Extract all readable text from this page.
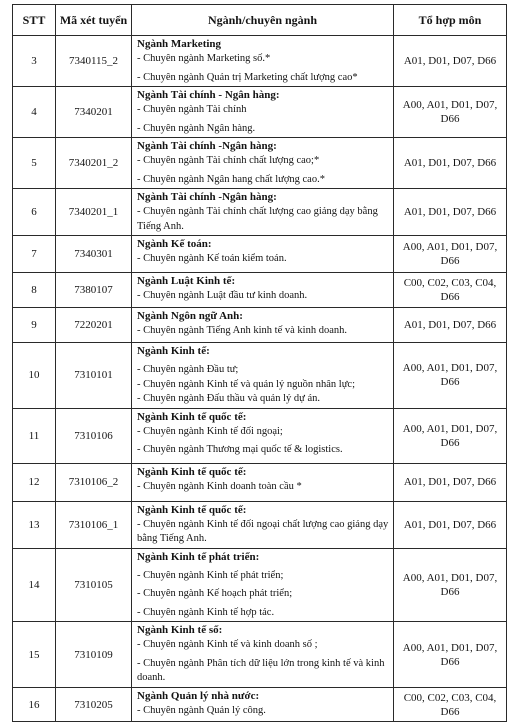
STT	Mã xét tuyển	Ngành/chuyên ngành	Tổ hợp môn
3	7340115_2	Ngành Marketing
- Chuyên ngành Marketing số.*
- Chuyên ngành Quản trị Marketing chất lượng cao*	A01, D01, D07, D66

4	7340201	Ngành Tài chính - Ngân hàng:
- Chuyên ngành Tài chính
- Chuyên ngành Ngân hàng.	A00, A01, D01, D07, D66

5	7340201_2	Ngành Tài chính -Ngân hàng:
- Chuyên ngành Tài chính chất lượng cao;*
- Chuyên ngành Ngân hang chất lượng cao.*	A01, D01, D07, D66

6	7340201_1	Ngành Tài chính -Ngân hàng:
- Chuyên ngành Tài chính chất lượng cao giảng dạy bằng Tiếng Anh.	A01, D01, D07, D66

7	7340301	Ngành Kế toán:
- Chuyên ngành Kế toán kiểm toán.	A00, A01, D01, D07, D66

8	7380107	Ngành Luật Kinh tế:
- Chuyên ngành Luật đầu tư kinh doanh.	C00, C02, C03, C04, D66

9	7220201	Ngành Ngôn ngữ Anh:
- Chuyên ngành Tiếng Anh kinh tế và kinh doanh.	A01, D01, D07, D66

10	7310101	Ngành Kinh tế:
- Chuyên ngành Đầu tư;
- Chuyên ngành Kinh tế và quản lý nguồn nhân lực;
- Chuyên ngành Đấu thầu và quản lý dự án.	A00, A01, D01, D07, D66

11	7310106	Ngành Kinh tế quốc tế:
- Chuyên ngành Kinh tế đối ngoại;
- Chuyên ngành Thương mại quốc tế & logistics.	A00, A01, D01, D07, D66

12	7310106_2	Ngành Kinh tế quốc tế:
- Chuyên ngành Kinh doanh toàn cầu *	A01, D01, D07, D66

13	7310106_1	Ngành Kinh tế quốc tế:
- Chuyên ngành Kinh tế đối ngoại chất lượng cao giảng dạy bằng Tiếng Anh.	A01, D01, D07, D66

14	7310105	Ngành Kinh tế phát triển:
- Chuyên ngành Kinh tế phát triển;
- Chuyên ngành Kế hoạch phát triển;
- Chuyên ngành Kinh tế hợp tác.	A00, A01, D01, D07, D66

15	7310109	Ngành Kinh tế số:
- Chuyên ngành Kinh tế và kinh doanh số ;
- Chuyên ngành Phân tích dữ liệu lớn trong kinh tế và kinh doanh.	A00, A01, D01, D07, D66

16	7310205	Ngành Quản lý nhà nước:
- Chuyên ngành Quản lý công.	C00, C02, C03, C04, D66
